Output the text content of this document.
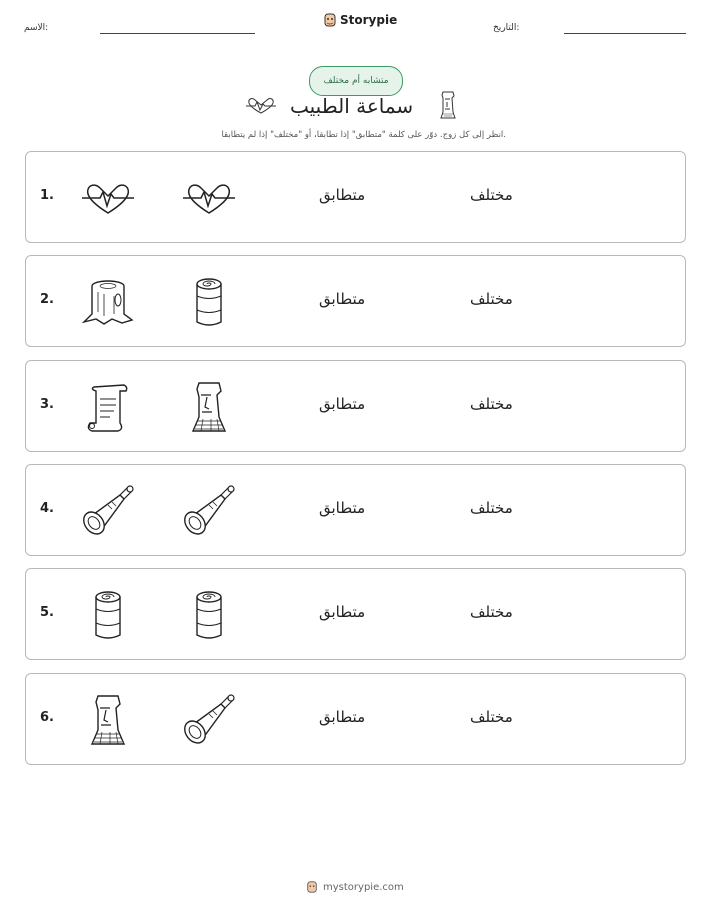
الاسم:
Storypie
التاريخ:
متشابه أم مختلف
سماعة الطبيب
انظر إلى كل زوج. دوّر على كلمة "متطابق" إذا تطابقا، أو "مختلف" إذا لم يتطابقا.
1.	متطابق	مختلف
2.	متطابق	مختلف
3.	متطابق	مختلف
4.	متطابق	مختلف
5.	متطابق	مختلف
6.	متطابق	مختلف
mystorypie.com
